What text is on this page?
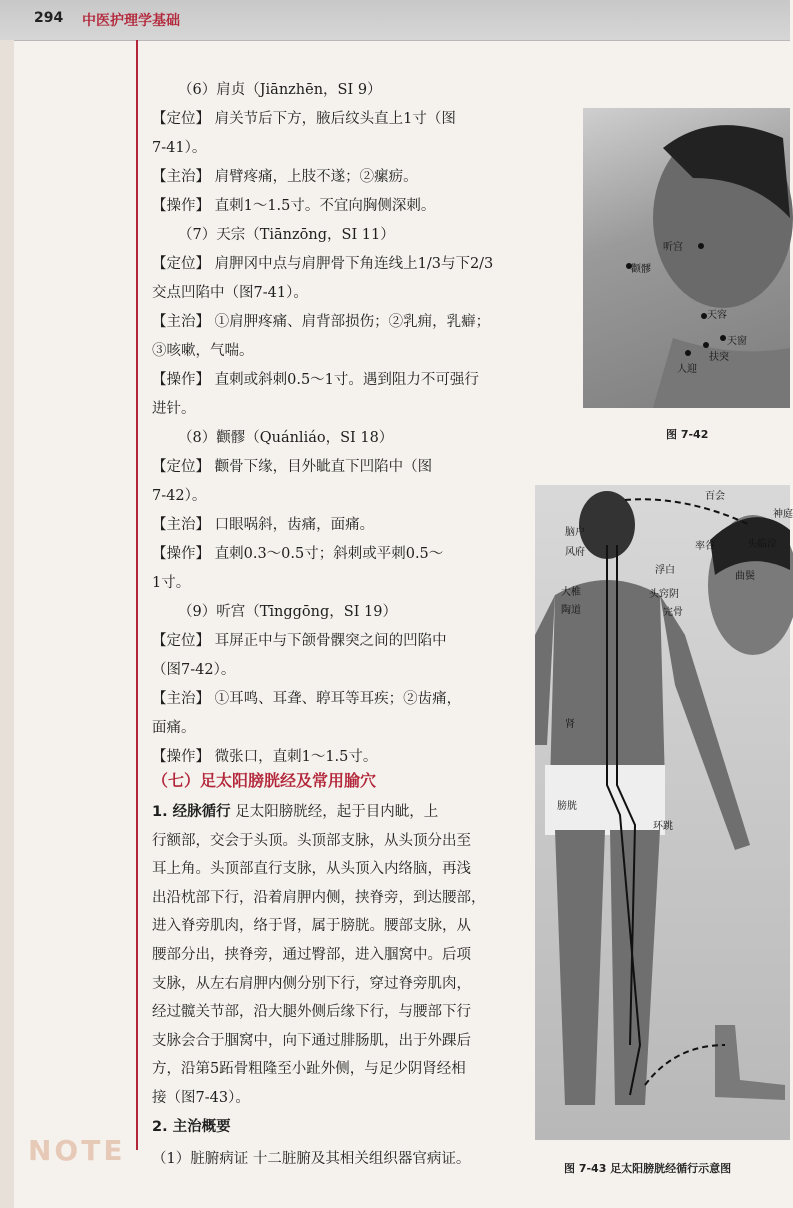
294 中医护理学基础
（6）肩贞（Jiānzhēn，SI 9）
【定位】 肩关节后下方，腋后纹头直上1寸（图
7-41）。
【主治】 肩臂疼痛，上肢不遂；②瘰疬。
【操作】 直刺1～1.5寸。不宜向胸侧深刺。
（7）天宗（Tiānzōng，SI 11）
【定位】 肩胛冈中点与肩胛骨下角连线上1/3与下2/3
交点凹陷中（图7-41）。
【主治】 ①肩胛疼痛、肩背部损伤；②乳痈，乳癖；
③咳嗽，气喘。
【操作】 直刺或斜刺0.5～1寸。遇到阻力不可强行
进针。
（8）颧髎（Quánliáo，SI 18）
【定位】 颧骨下缘，目外眦直下凹陷中（图
7-42）。
【主治】 口眼㖞斜，齿痛，面痛。
【操作】 直刺0.3～0.5寸；斜刺或平刺0.5～
1寸。
（9）听宫（Tīnggōng，SI 19）
【定位】 耳屏正中与下颌骨髁突之间的凹陷中
（图7-42）。
【主治】 ①耳鸣、耳聋、聤耳等耳疾；②齿痛，
面痛。
【操作】 微张口，直刺1～1.5寸。
（七）足太阳膀胱经及常用腧穴
1. 经脉循行 足太阳膀胱经，起于目内眦，上
行额部，交会于头顶。头顶部支脉，从头顶分出至
耳上角。头顶部直行支脉，从头顶入内络脑，再浅
出沿枕部下行，沿着肩胛内侧，挟脊旁，到达腰部，
进入脊旁肌肉，络于肾，属于膀胱。腰部支脉，从
腰部分出，挟脊旁，通过臀部，进入腘窝中。后项
支脉，从左右肩胛内侧分别下行，穿过脊旁肌肉，
经过髋关节部，沿大腿外侧后缘下行，与腰部下行
支脉会合于腘窝中，向下通过腓肠肌，出于外踝后
方，沿第5跖骨粗隆至小趾外侧，与足少阴肾经相
接（图7-43）。
2. 主治概要
（1）脏腑病证 十二脏腑及其相关组织器官病证。
NOTE
听宫
颧髎
天容
天窗
扶突
人迎
图 7-42
百会
神庭
脑户
风府
率谷	头临泣
浮白
曲鬓
头窍阴
完骨
大椎
陶道
肾
膀胱
环跳
图 7-43 足太阳膀胱经循行示意图
